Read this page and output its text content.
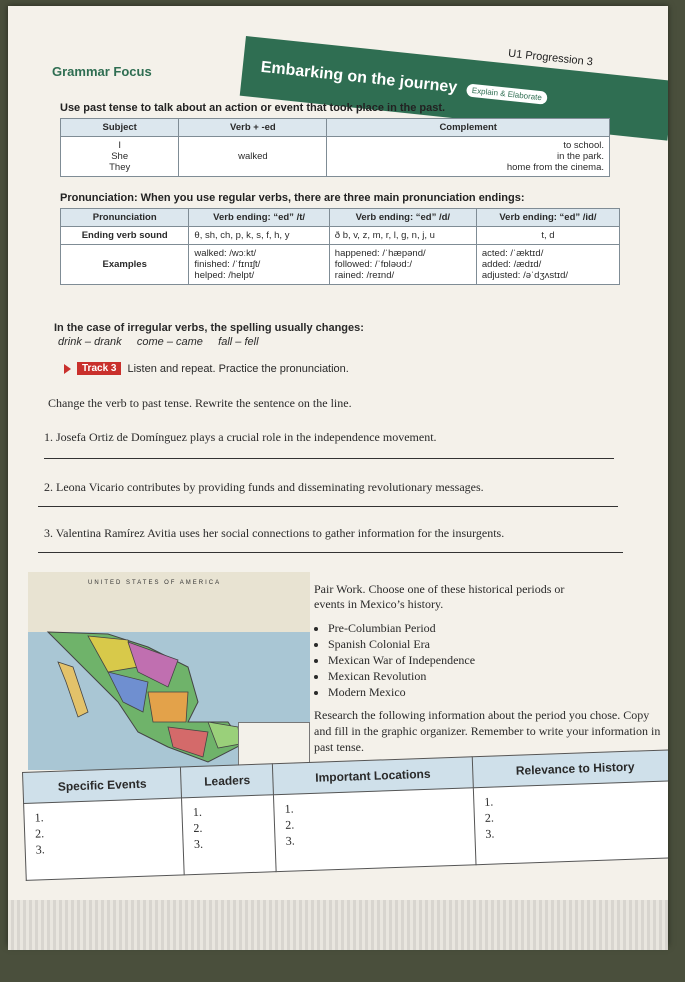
Grammar Focus	Embarking on the journey	Explain & Elaborate
U1 Progression 3
Use past tense to talk about an action or event that took place in the past.
Subject	Verb + -ed	Complement
I
She
They	walked	to school.
in the park.
home from the cinema.
Pronunciation: When you use regular verbs, there are three main pronunciation endings:
Pronunciation	Verb ending: “ed” /t/	Verb ending: “ed” /d/	Verb ending: “ed” /id/
Ending verb sound	θ, sh, ch, p, k, s, f, h, y	ð b, v, z, m, r, l, g, n, j, u	t, d
Examples	walked: /wɔːkt/
finished: /ˈfɪnɪʃt/
helped: /helpt/	happened: /ˈhæpənd/
followed: /ˈfɒləʊd:/
rained: /reɪnd/	acted: /ˈæktɪd/
added: /ædɪd/
adjusted: /əˈdʒʌstɪd/
In the case of irregular verbs, the spelling usually changes:
drink – drank     come – came     fall – fell
Track 3	Listen and repeat. Practice the pronunciation.
Change the verb to past tense. Rewrite the sentence on the line.
1. Josefa Ortiz de Domínguez plays a crucial role in the independence movement.
2. Leona Vicario contributes by providing funds and disseminating revolutionary messages.
3. Valentina Ramírez Avitia uses her social connections to gather information for the insurgents.
UNITED STATES OF AMERICA	Pair Work. Choose one of these historical periods or events in Mexico’s history.
• Pre-Columbian Period
• Spanish Colonial Era
• Mexican War of Independence
• Mexican Revolution
• Modern Mexico
Research the following information about the period you chose. Copy and fill in the graphic organizer. Remember to write your information in past tense.
Specific Events	Leaders	Important Locations	Relevance to History
1.
2.
3.	1.
2.
3.	1.
2.
3.	1.
2.
3.
